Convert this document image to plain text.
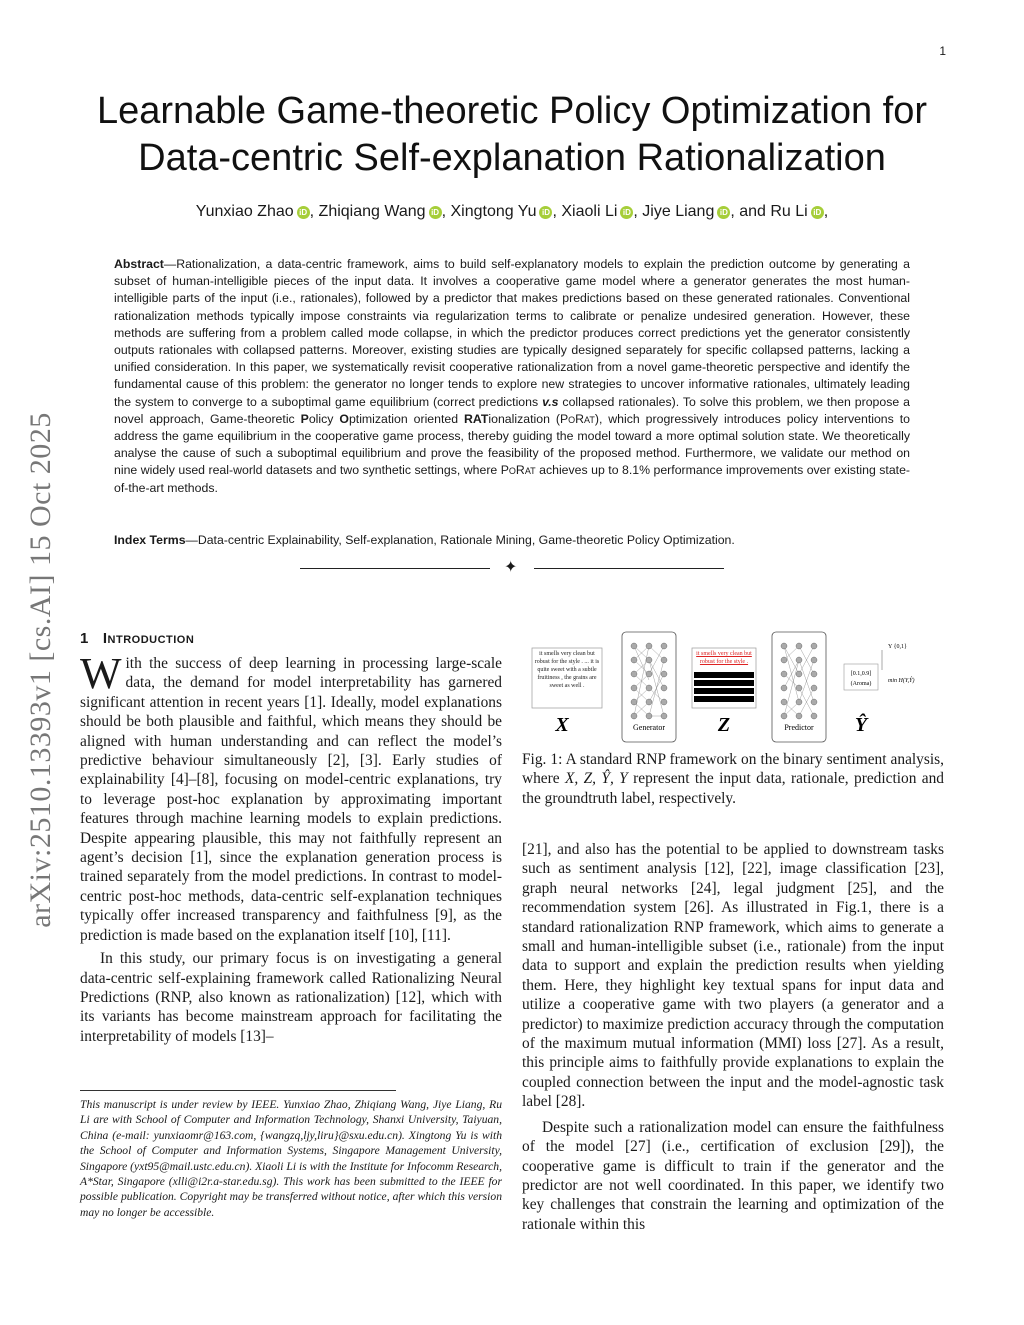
1
arXiv:2510.13393v1 [cs.AI] 15 Oct 2025
Learnable Game-theoretic Policy Optimization for Data-centric Self-explanation Rationalization
Yunxiao Zhao iD , Zhiqiang Wang iD , Xingtong Yu iD , Xiaoli Li iD , Jiye Liang iD , and Ru Li iD ,
Abstract—Rationalization, a data-centric framework, aims to build self-explanatory models to explain the prediction outcome by generating a subset of human-intelligible pieces of the input data. It involves a cooperative game model where a generator generates the most human-intelligible parts of the input (i.e., rationales), followed by a predictor that makes predictions based on these generated rationales. Conventional rationalization methods typically impose constraints via regularization terms to calibrate or penalize undesired generation. However, these methods are suffering from a problem called mode collapse, in which the predictor produces correct predictions yet the generator consistently outputs rationales with collapsed patterns. Moreover, existing studies are typically designed separately for specific collapsed patterns, lacking a unified consideration. In this paper, we systematically revisit cooperative rationalization from a novel game-theoretic perspective and identify the fundamental cause of this problem: the generator no longer tends to explore new strategies to uncover informative rationales, ultimately leading the system to converge to a suboptimal game equilibrium (correct predictions v.s collapsed rationales). To solve this problem, we then propose a novel approach, Game-theoretic Policy Optimization oriented RATionalization (PoRat), which progressively introduces policy interventions to address the game equilibrium in the cooperative game process, thereby guiding the model toward a more optimal solution state. We theoretically analyse the cause of such a suboptimal equilibrium and prove the feasibility of the proposed method. Furthermore, we validate our method on nine widely used real-world datasets and two synthetic settings, where PoRat achieves up to 8.1% performance improvements over existing state-of-the-art methods.
Index Terms—Data-centric Explainability, Self-explanation, Rationale Mining, Game-theoretic Policy Optimization.
✦
1 Introduction

With the success of deep learning in processing large-scale data, the demand for model interpretability has garnered significant attention in recent years [1]. Ideally, model explanations should be both plausible and faithful, which means they should be aligned with human understanding and can reflect the model’s predictive behaviour simultaneously [2], [3]. Early studies of explainability [4]–[8], focusing on model-centric explanations, try to leverage post-hoc explanation by approximating important features through machine learning models to explain predictions. Despite appearing plausible, this may not faithfully represent an agent’s decision [1], since the explanation generation process is trained separately from the model predictions. In contrast to model-centric post-hoc methods, data-centric self-explanation techniques typically offer increased transparency and faithfulness [9], as the prediction is made based on the explanation itself [10], [11].

In this study, our primary focus is on investigating a general data-centric self-explaining framework called Rationalizing Neural Predictions (RNP, also known as rationalization) [12], which with its variants has become mainstream approach for facilitating the interpretability of models [13]–

This manuscript is under review by IEEE. Yunxiao Zhao, Zhiqiang Wang, Jiye Liang, Ru Li are with School of Computer and Information Technology, Shanxi University, Taiyuan, China (e-mail: yunxiaomr@163.com, {wangzq,ljy,liru}@sxu.edu.cn). Xingtong Yu is with the School of Computer and Information Systems, Singapore Management University, Singapore (yxt95@mail.ustc.edu.cn). Xiaoli Li is with the Institute for Infocomm Research, A*Star, Singapore (xlli@i2r.a-star.edu.sg). This work has been submitted to the IEEE for possible publication. Copyright may be transferred without notice, after which this version may no longer be accessible.
it smells very clean but robust for the style . ... it is quite sweet with a subtle fruitiness , the grains are sweet as well .
X	Generator
it smells very clean but robust for the style .
Z	Predictor
[0.1,0.9]
(Aroma)
Y {0,1}
min H(Y,Ŷ)
Ŷ
Fig. 1: A standard RNP framework on the binary sentiment analysis, where X, Z, Ŷ, Y represent the input data, rationale, prediction and the groundtruth label, respectively.

[21], and also has the potential to be applied to downstream tasks such as sentiment analysis [12], [22], image classification [23], graph neural networks [24], legal judgment [25], and the recommendation system [26]. As illustrated in Fig.1, there is a standard rationalization RNP framework, which aims to generate a small and human-intelligible subset (i.e., rationale) from the input data to support and explain the prediction results when yielding them. Here, they highlight key textual spans for input data and utilize a cooperative game with two players (a generator and a predictor) to maximize prediction accuracy through the computation of the maximum mutual information (MMI) loss [27]. As a result, this principle aims to faithfully provide explanations to explain the coupled connection between the input and the model-agnostic task label [28].

Despite such a rationalization model can ensure the faithfulness of the model [27] (i.e., certification of exclusion [29]), the cooperative game is difficult to train if the generator and the predictor are not well coordinated. In this paper, we identify two key challenges that constrain the learning and optimization of the rationale within this
